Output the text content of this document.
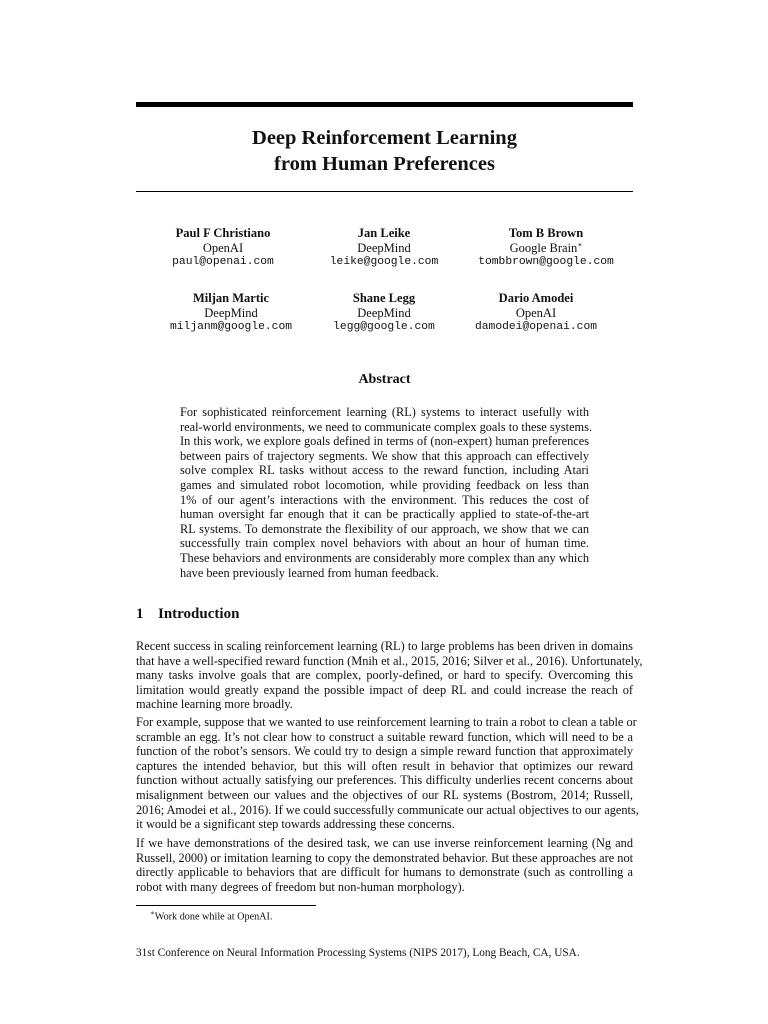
Deep Reinforcement Learning
from Human Preferences
Paul F Christiano
OpenAI
paul@openai.com
Jan Leike
DeepMind
leike@google.com
Tom B Brown
Google Brain∗
tombbrown@google.com
Miljan Martic
DeepMind
miljanm@google.com
Shane Legg
DeepMind
legg@google.com
Dario Amodei
OpenAI
damodei@openai.com
Abstract
For sophisticated reinforcement learning (RL) systems to interact usefully with
real-world environments, we need to communicate complex goals to these systems.
In this work, we explore goals defined in terms of (non-expert) human preferences
between pairs of trajectory segments. We show that this approach can effectively
solve complex RL tasks without access to the reward function, including Atari
games and simulated robot locomotion, while providing feedback on less than
1% of our agent’s interactions with the environment. This reduces the cost of
human oversight far enough that it can be practically applied to state-of-the-art
RL systems. To demonstrate the flexibility of our approach, we show that we can
successfully train complex novel behaviors with about an hour of human time.
These behaviors and environments are considerably more complex than any which
have been previously learned from human feedback.
1 Introduction
Recent success in scaling reinforcement learning (RL) to large problems has been driven in domains
that have a well-specified reward function (Mnih et al., 2015, 2016; Silver et al., 2016). Unfortunately,
many tasks involve goals that are complex, poorly-defined, or hard to specify. Overcoming this
limitation would greatly expand the possible impact of deep RL and could increase the reach of
machine learning more broadly.
For example, suppose that we wanted to use reinforcement learning to train a robot to clean a table or
scramble an egg. It’s not clear how to construct a suitable reward function, which will need to be a
function of the robot’s sensors. We could try to design a simple reward function that approximately
captures the intended behavior, but this will often result in behavior that optimizes our reward
function without actually satisfying our preferences. This difficulty underlies recent concerns about
misalignment between our values and the objectives of our RL systems (Bostrom, 2014; Russell,
2016; Amodei et al., 2016). If we could successfully communicate our actual objectives to our agents,
it would be a significant step towards addressing these concerns.
If we have demonstrations of the desired task, we can use inverse reinforcement learning (Ng and
Russell, 2000) or imitation learning to copy the demonstrated behavior. But these approaches are not
directly applicable to behaviors that are difficult for humans to demonstrate (such as controlling a
robot with many degrees of freedom but non-human morphology).
∗Work done while at OpenAI.
31st Conference on Neural Information Processing Systems (NIPS 2017), Long Beach, CA, USA.
